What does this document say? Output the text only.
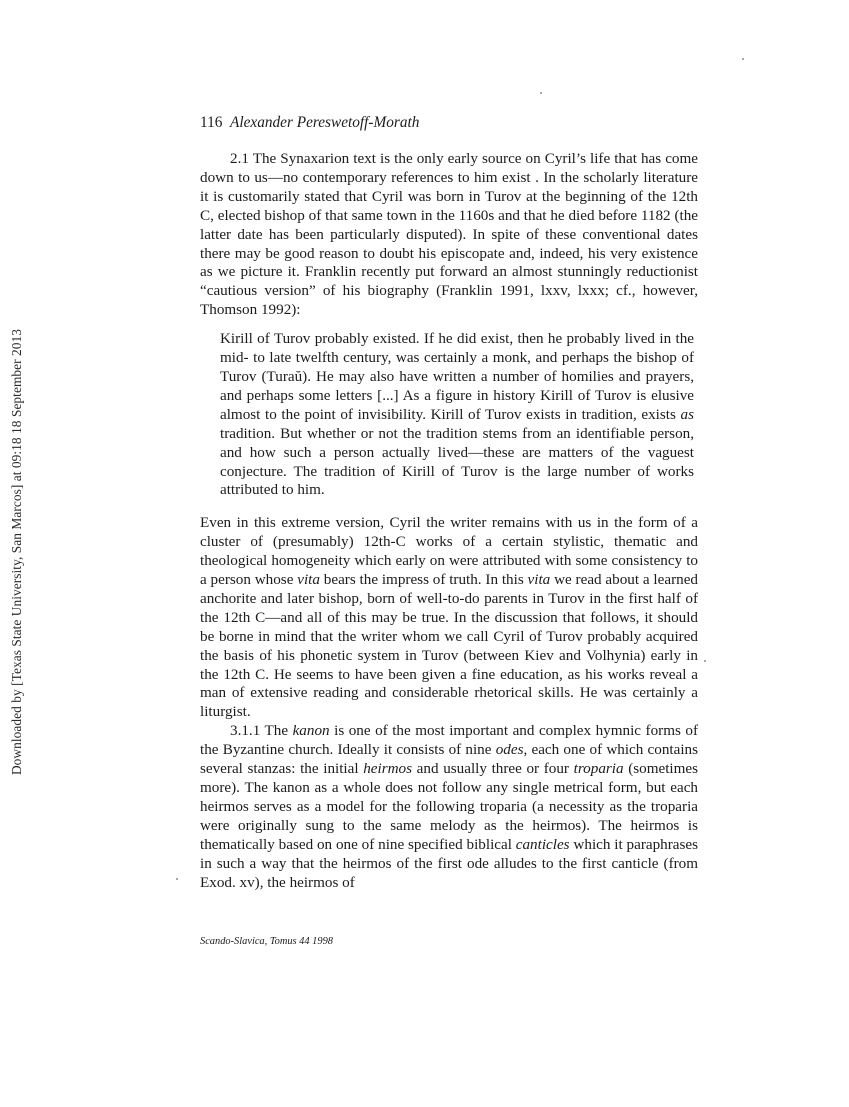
Downloaded by [Texas State University, San Marcos] at 09:18 18 September 2013
116 Alexander Pereswetoff-Morath

2.1 The Synaxarion text is the only early source on Cyril’s life that has come down to us—no contemporary references to him exist . In the scholarly literature it is customarily stated that Cyril was born in Turov at the beginning of the 12th C, elected bishop of that same town in the 1160s and that he died before 1182 (the latter date has been particularly disputed). In spite of these conventional dates there may be good reason to doubt his episcopate and, indeed, his very existence as we picture it. Franklin recently put forward an almost stunningly reductionist “cautious version” of his biography (Franklin 1991, lxxv, lxxx; cf., however, Thomson 1992):

Kirill of Turov probably existed. If he did exist, then he probably lived in the mid- to late twelfth century, was certainly a monk, and perhaps the bishop of Turov (Turaŭ). He may also have written a number of homilies and prayers, and perhaps some letters [...] As a figure in history Kirill of Turov is elusive almost to the point of invisibility. Kirill of Turov exists in tradition, exists as tradition. But whether or not the tradition stems from an identifiable person, and how such a person actually lived—these are matters of the vaguest conjecture. The tradition of Kirill of Turov is the large number of works attributed to him.

Even in this extreme version, Cyril the writer remains with us in the form of a cluster of (presumably) 12th-C works of a certain stylistic, thematic and theological homogeneity which early on were attributed with some consistency to a person whose vita bears the impress of truth. In this vita we read about a learned anchorite and later bishop, born of well-to-do parents in Turov in the first half of the 12th C—and all of this may be true. In the discussion that follows, it should be borne in mind that the writer whom we call Cyril of Turov probably acquired the basis of his phonetic system in Turov (between Kiev and Volhynia) early in the 12th C. He seems to have been given a fine education, as his works reveal a man of extensive reading and considerable rhetorical skills. He was certainly a liturgist.

3.1.1 The kanon is one of the most important and complex hymnic forms of the Byzantine church. Ideally it consists of nine odes, each one of which contains several stanzas: the initial heirmos and usually three or four troparia (sometimes more). The kanon as a whole does not follow any single metrical form, but each heirmos serves as a model for the following troparia (a necessity as the troparia were originally sung to the same melody as the heirmos). The heirmos is thematically based on one of nine specified biblical canticles which it paraphrases in such a way that the heirmos of the first ode alludes to the first canticle (from Exod. xv), the heirmos of

Scando-Slavica, Tomus 44 1998
